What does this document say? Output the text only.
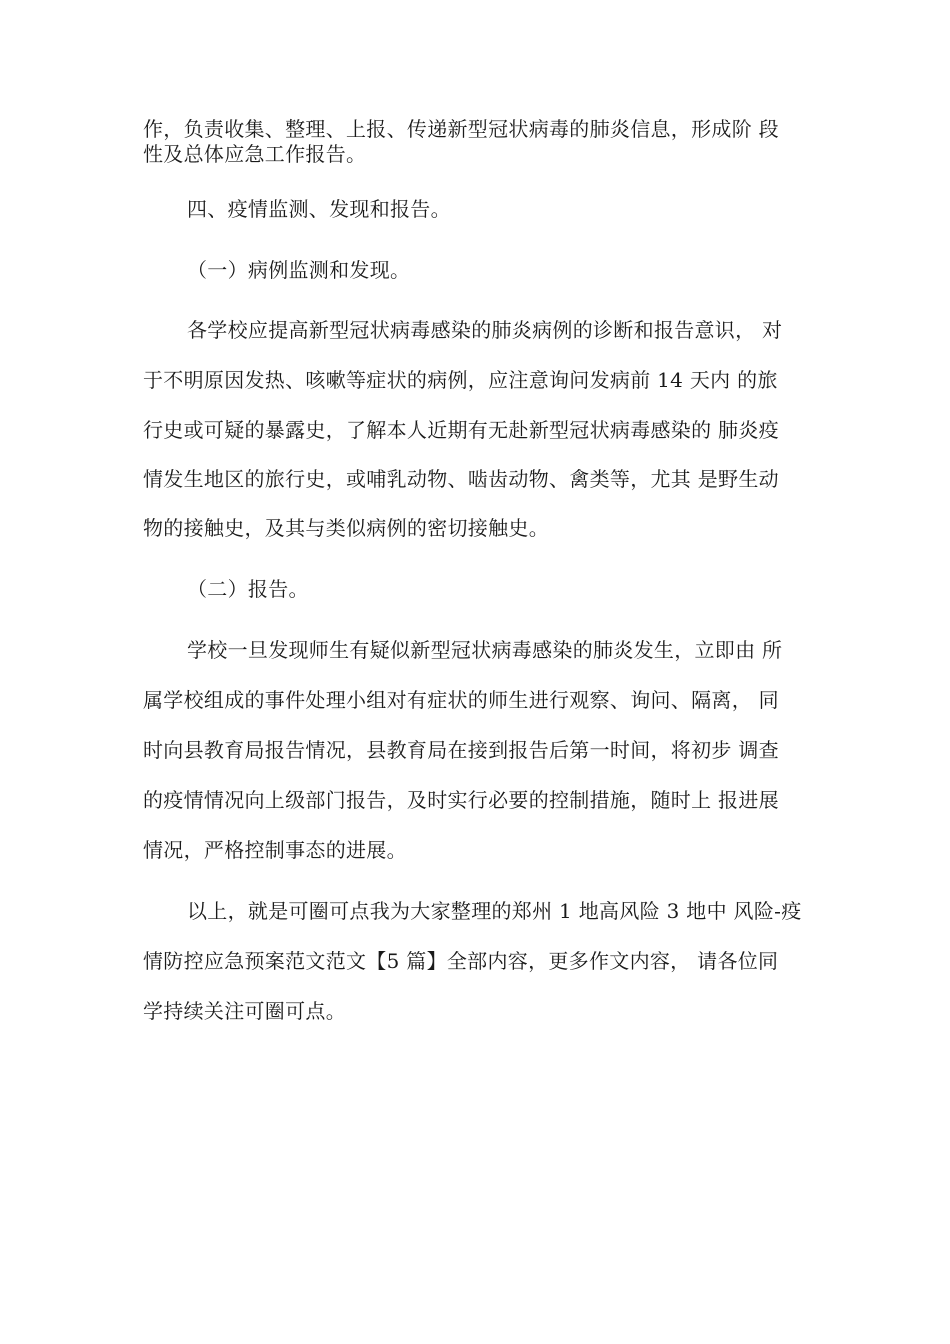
作，负责收集、整理、上报、传递新型冠状病毒的肺炎信息，形成阶 段
性及总体应急工作报告。
四、疫情监测、发现和报告。
（一）病例监测和发现。
各学校应提高新型冠状病毒感染的肺炎病例的诊断和报告意识， 对
于不明原因发热、咳嗽等症状的病例，应注意询问发病前 14 天内 的旅
行史或可疑的暴露史，了解本人近期有无赴新型冠状病毒感染的 肺炎疫
情发生地区的旅行史，或哺乳动物、啮齿动物、禽类等，尤其 是野生动
物的接触史，及其与类似病例的密切接触史。
（二）报告。
学校一旦发现师生有疑似新型冠状病毒感染的肺炎发生，立即由 所
属学校组成的事件处理小组对有症状的师生进行观察、询问、隔离， 同
时向县教育局报告情况，县教育局在接到报告后第一时间，将初步 调查
的疫情情况向上级部门报告，及时实行必要的控制措施，随时上 报进展
情况，严格控制事态的进展。
以上，就是可圈可点我为大家整理的郑州 1 地高风险 3 地中 风险-疫
情防控应急预案范文范文【5 篇】全部内容，更多作文内容， 请各位同
学持续关注可圈可点。
